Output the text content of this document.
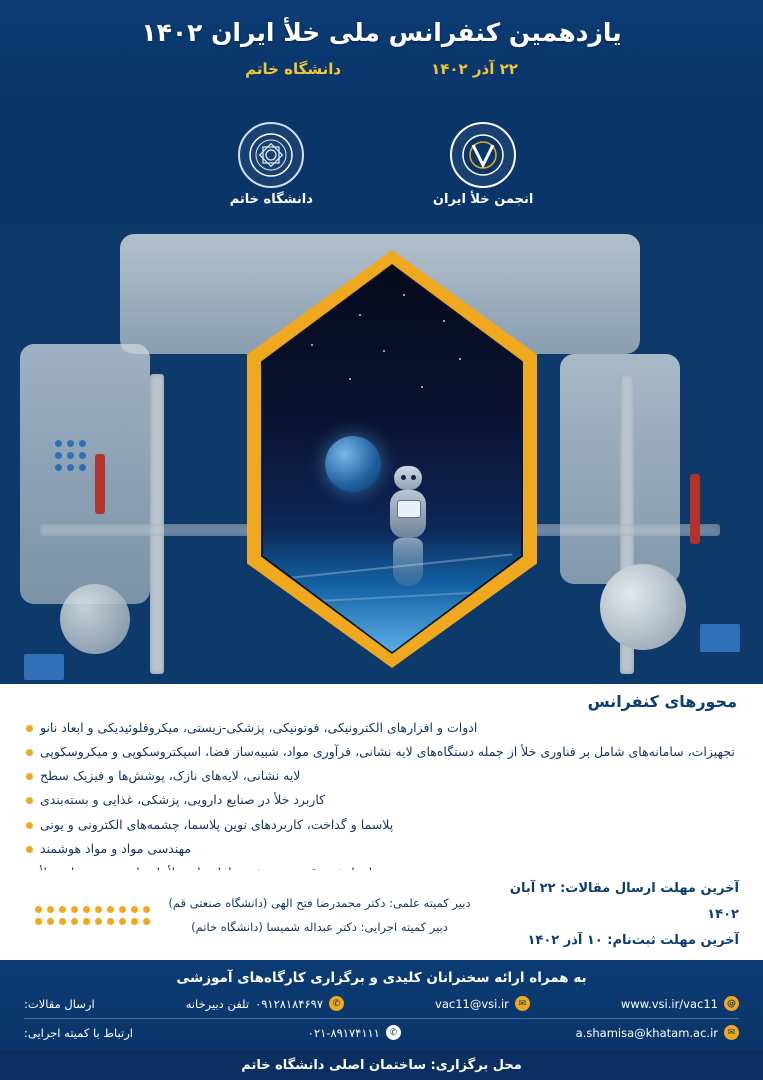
یازدهمین کنفرانس ملی خلأ ایران ۱۴۰۲
۲۲ آذر ۱۴۰۲
دانشگاه خاتم
انجمن خلأ ایران
دانشگاه خاتم
محورهای کنفرانس
ادوات و افزارهای الکترونیکی، فوتونیکی، پزشکی-زیستی، میکروفلوئیدیکی و ابعاد نانو
تجهیزات، سامانه‌های شامل بر فناوری خلأ از جمله دستگاه‌های لایه نشانی، فرآوری مواد، شبیه‌ساز فضا، اسپکتروسکوپی و میکروسکوپی
لایه نشانی، لایه‌های نازک، پوشش‌ها و فیزیک سطح
کاربرد خلأ در صنایع دارویی، پزشکی، غذایی و بسته‌بندی
پلاسما و گداخت، کاربردهای نوین پلاسما، چشمه‌های الکترونی و یونی
مهندسی مواد و مواد هوشمند
آخرین مهلت ارسال مقالات: ۲۲ آبان ۱۴۰۲
آخرین مهلت ثبت‌نام: ۱۰ آذر ۱۴۰۲
دبیر کمیته علمی: دکتر محمدرضا فتح الهی (دانشگاه صنعتی قم)
دبیر کمیته اجرایی: دکتر عبداله شمیسا (دانشگاه خاتم)
به همراه ارائه سخنرانان کلیدی و برگزاری کارگاه‌های آموزشی
@
www.vsi.ir/vac11
✉
vac11@vsi.ir
✆
۰۹۱۲۸۱۸۴۶۹۷
تلفن دبیرخانه
ارسال مقالات:
✉
a.shamisa@khatam.ac.ir
✆
۰۲۱-۸۹۱۷۴۱۱۱
ارتباط با کمیته اجرایی:
محل برگزاری: ساختمان اصلی دانشگاه خاتم
